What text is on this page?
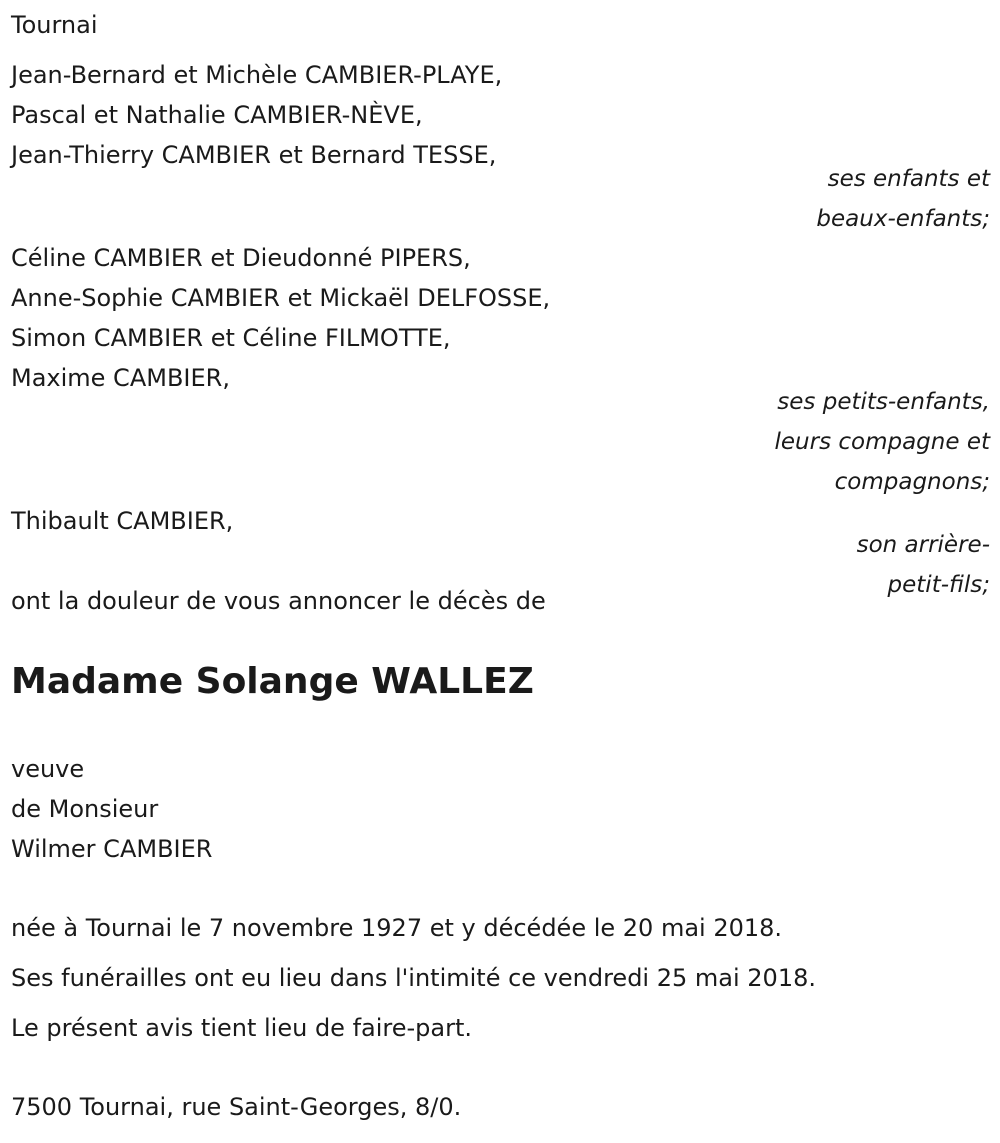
Tournai
Jean-Bernard et Michèle CAMBIER-PLAYE,
Pascal et Nathalie CAMBIER-NÈVE,
Jean-Thierry CAMBIER et Bernard TESSE,
ses enfants et
beaux-enfants;
Céline CAMBIER et Dieudonné PIPERS,
Anne-Sophie CAMBIER et Mickaël DELFOSSE,
Simon CAMBIER et Céline FILMOTTE,
Maxime CAMBIER,
ses petits-enfants,
leurs compagne et
compagnons;
Thibault CAMBIER,
son arrière-
petit-fils;
ont la douleur de vous annoncer le décès de
Madame Solange WALLEZ
veuve
de Monsieur
Wilmer CAMBIER
née à Tournai le 7 novembre 1927 et y décédée le 20 mai 2018.
Ses funérailles ont eu lieu dans l'intimité ce vendredi 25 mai 2018.
Le présent avis tient lieu de faire-part.
7500 Tournai, rue Saint-Georges, 8/0.
